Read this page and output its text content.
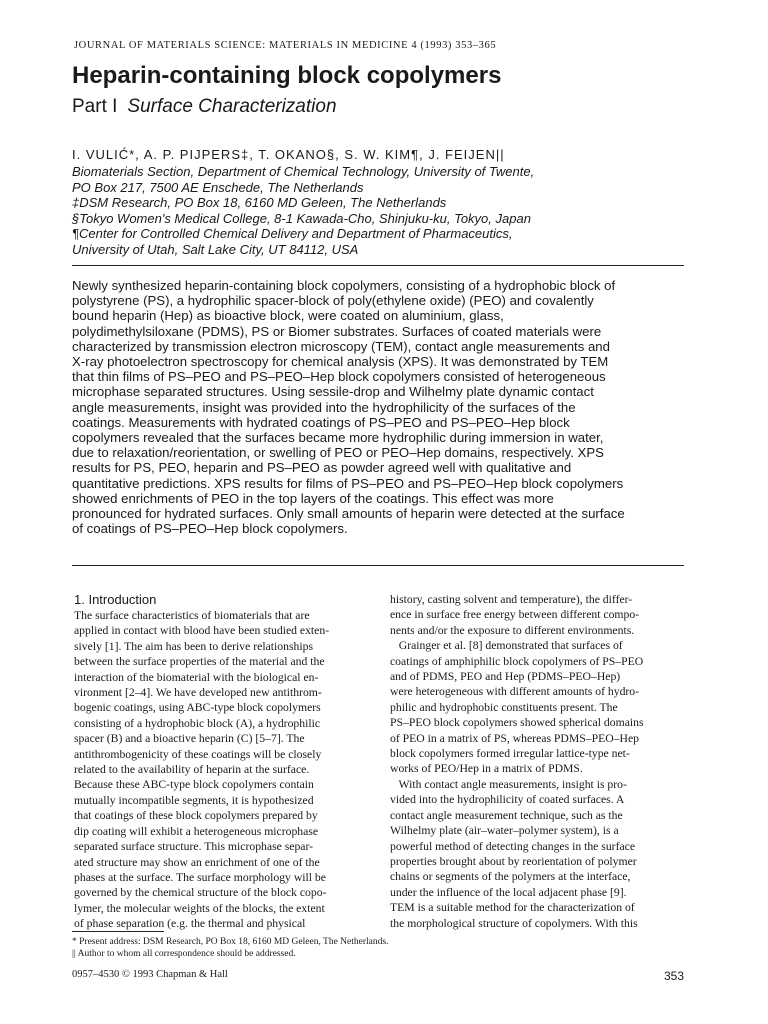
JOURNAL OF MATERIALS SCIENCE: MATERIALS IN MEDICINE 4 (1993) 353–365
Heparin-containing block copolymers
Part I Surface Characterization
I. VULIĆ*, A. P. PIJPERS‡, T. OKANO§, S. W. KIM¶, J. FEIJEN||
Biomaterials Section, Department of Chemical Technology, University of Twente,
PO Box 217, 7500 AE Enschede, The Netherlands
‡DSM Research, PO Box 18, 6160 MD Geleen, The Netherlands
§Tokyo Women's Medical College, 8-1 Kawada-Cho, Shinjuku-ku, Tokyo, Japan
¶Center for Controlled Chemical Delivery and Department of Pharmaceutics,
University of Utah, Salt Lake City, UT 84112, USA
Newly synthesized heparin-containing block copolymers, consisting of a hydrophobic block of
polystyrene (PS), a hydrophilic spacer-block of poly(ethylene oxide) (PEO) and covalently
bound heparin (Hep) as bioactive block, were coated on aluminium, glass,
polydimethylsiloxane (PDMS), PS or Biomer substrates. Surfaces of coated materials were
characterized by transmission electron microscopy (TEM), contact angle measurements and
X-ray photoelectron spectroscopy for chemical analysis (XPS). It was demonstrated by TEM
that thin films of PS–PEO and PS–PEO–Hep block copolymers consisted of heterogeneous
microphase separated structures. Using sessile-drop and Wilhelmy plate dynamic contact
angle measurements, insight was provided into the hydrophilicity of the surfaces of the
coatings. Measurements with hydrated coatings of PS–PEO and PS–PEO–Hep block
copolymers revealed that the surfaces became more hydrophilic during immersion in water,
due to relaxation/reorientation, or swelling of PEO or PEO–Hep domains, respectively. XPS
results for PS, PEO, heparin and PS–PEO as powder agreed well with qualitative and
quantitative predictions. XPS results for films of PS–PEO and PS–PEO–Hep block copolymers
showed enrichments of PEO in the top layers of the coatings. This effect was more
pronounced for hydrated surfaces. Only small amounts of heparin were detected at the surface
of coatings of PS–PEO–Hep block copolymers.
1. Introduction
The surface characteristics of biomaterials that are
applied in contact with blood have been studied exten-
sively [1]. The aim has been to derive relationships
between the surface properties of the material and the
interaction of the biomaterial with the biological en-
vironment [2–4]. We have developed new antithrom-
bogenic coatings, using ABC-type block copolymers
consisting of a hydrophobic block (A), a hydrophilic
spacer (B) and a bioactive heparin (C) [5–7]. The
antithrombogenicity of these coatings will be closely
related to the availability of heparin at the surface.
Because these ABC-type block copolymers contain
mutually incompatible segments, it is hypothesized
that coatings of these block copolymers prepared by
dip coating will exhibit a heterogeneous microphase
separated surface structure. This microphase separ-
ated structure may show an enrichment of one of the
phases at the surface. The surface morphology will be
governed by the chemical structure of the block copo-
lymer, the molecular weights of the blocks, the extent
of phase separation (e.g. the thermal and physical
history, casting solvent and temperature), the differ-
ence in surface free energy between different compo-
nents and/or the exposure to different environments.
Grainger et al. [8] demonstrated that surfaces of
coatings of amphiphilic block copolymers of PS–PEO
and of PDMS, PEO and Hep (PDMS–PEO–Hep)
were heterogeneous with different amounts of hydro-
philic and hydrophobic constituents present. The
PS–PEO block copolymers showed spherical domains
of PEO in a matrix of PS, whereas PDMS–PEO–Hep
block copolymers formed irregular lattice-type net-
works of PEO/Hep in a matrix of PDMS.
With contact angle measurements, insight is pro-
vided into the hydrophilicity of coated surfaces. A
contact angle measurement technique, such as the
Wilhelmy plate (air–water–polymer system), is a
powerful method of detecting changes in the surface
properties brought about by reorientation of polymer
chains or segments of the polymers at the interface,
under the influence of the local adjacent phase [9].
TEM is a suitable method for the characterization of
the morphological structure of copolymers. With this
* Present address: DSM Research, PO Box 18, 6160 MD Geleen, The Netherlands.
|| Author to whom all correspondence should be addressed.
0957–4530 © 1993 Chapman & Hall	353
